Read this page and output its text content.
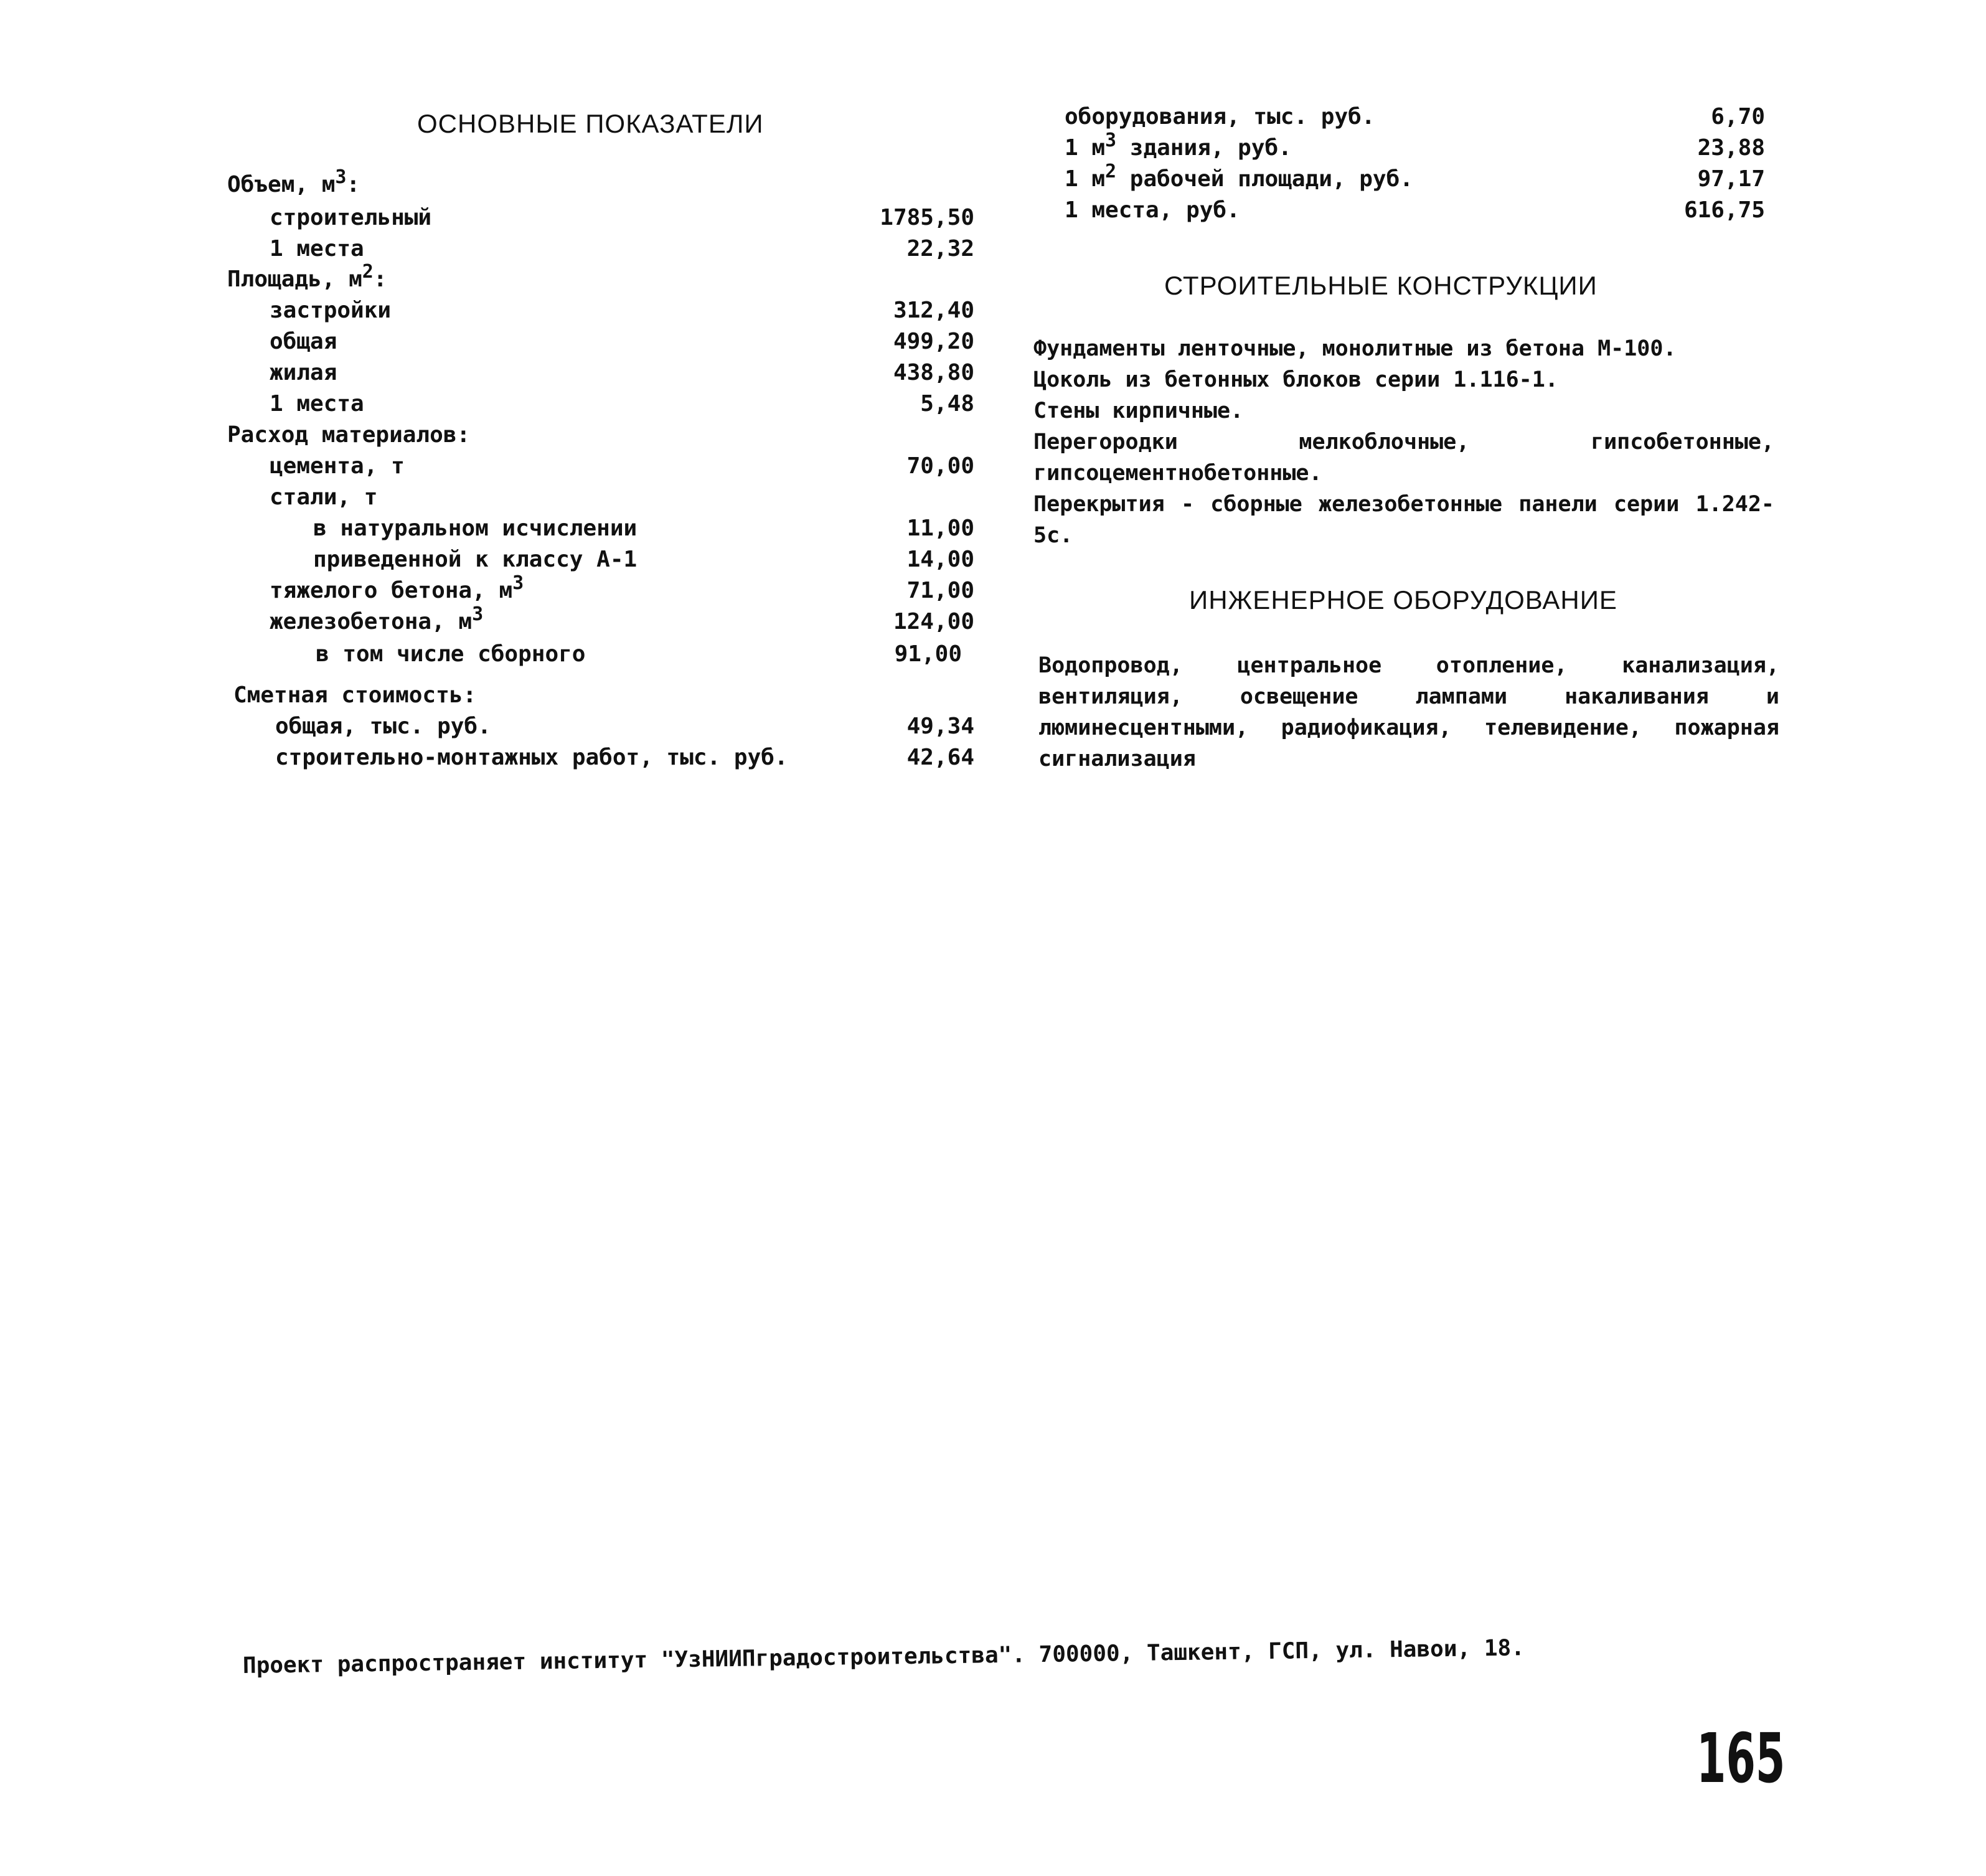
ОСНОВНЫЕ ПОКАЗАТЕЛИ
Объем, $м^3$:
строительный	1785,50
1 места	22,32
Площадь, $м^2$:
застройки	312,40
общая	499,20
жилая	438,80
1 места	5,48
Расход материалов:
цемента, т	70,00
стали, т
в натуральном исчислении	11,00
приведенной к классу А-1	14,00
тяжелого бетона, $м^3$	71,00
железобетона, $м^3$	124,00
в том числе сборного	91,00
Сметная стоимость:
общая, тыс. руб.	49,34
строительно-монтажных работ, тыс. руб.	42,64
оборудования, тыс. руб.	6,70
1 $м^3$ здания, руб.	23,88
1 $м^2$ рабочей площади, руб.	97,17
1 места, руб.	616,75
СТРОИТЕЛЬНЫЕ КОНСТРУКЦИИ

Фундаменты ленточные, монолитные из бетона М-100.

Цоколь из бетонных блоков серии 1.116-1.

Стены кирпичные.

Перегородки мелкоблочные, гипсобетонные, гипсоцементнобетонные.

Перекрытия - сборные железобетонные панели серии 1.242-5с.

ИНЖЕНЕРНОЕ ОБОРУДОВАНИЕ
Водопровод, центральное отопление, канализация, вентиляция, освещение лампами накаливания и люминесцентными, радиофикация, телевидение, пожарная сигнализация
Проект распространяет институт "УзНИИПградостроительства". 700000, Ташкент, ГСП, ул. Навои, 18.
165
